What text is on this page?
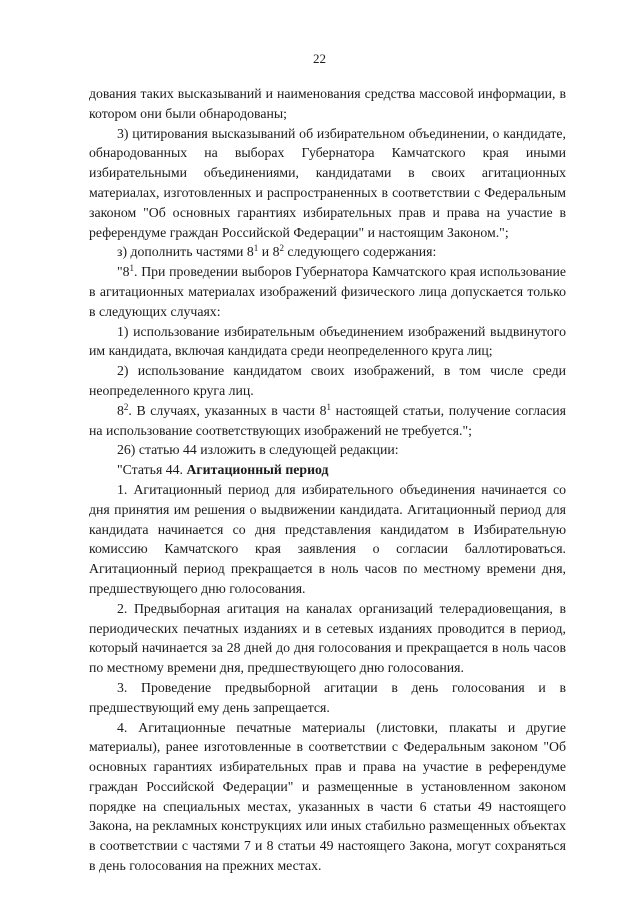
22

дования таких высказываний и наименования средства массовой информации, в котором они были обнародованы;

3) цитирования высказываний об избирательном объединении, о кандидате, обнародованных на выборах Губернатора Камчатского края иными избирательными объединениями, кандидатами в своих агитационных материалах, изготовленных и распространенных в соответствии с Федеральным законом "Об основных гарантиях избирательных прав и права на участие в референдуме граждан Российской Федерации" и настоящим Законом.";

з) дополнить частями $8^1$ и $8^2$ следующего содержания:

"$8^1$. При проведении выборов Губернатора Камчатского края использование в агитационных материалах изображений физического лица допускается только в следующих случаях:

1) использование избирательным объединением изображений выдвинутого им кандидата, включая кандидата среди неопределенного круга лиц;

2) использование кандидатом своих изображений, в том числе среди неопределенного круга лиц.

$8^2$. В случаях, указанных в части $8^1$ настоящей статьи, получение согласия на использование соответствующих изображений не требуется.";

26) статью 44 изложить в следующей редакции:

"Статья 44. Агитационный период

1. Агитационный период для избирательного объединения начинается со дня принятия им решения о выдвижении кандидата. Агитационный период для кандидата начинается со дня представления кандидатом в Избирательную комиссию Камчатского края заявления о согласии баллотироваться. Агитационный период прекращается в ноль часов по местному времени дня, предшествующего дню голосования.

2. Предвыборная агитация на каналах организаций телерадиовещания, в периодических печатных изданиях и в сетевых изданиях проводится в период, который начинается за 28 дней до дня голосования и прекращается в ноль часов по местному времени дня, предшествующего дню голосования.

3. Проведение предвыборной агитации в день голосования и в предшествующий ему день запрещается.

4. Агитационные печатные материалы (листовки, плакаты и другие материалы), ранее изготовленные в соответствии с Федеральным законом "Об основных гарантиях избирательных прав и права на участие в референдуме граждан Российской Федерации" и размещенные в установленном законом порядке на специальных местах, указанных в части 6 статьи 49 настоящего Закона, на рекламных конструкциях или иных стабильно размещенных объектах в соответствии с частями 7 и 8 статьи 49 настоящего Закона, могут сохраняться в день голосования на прежних местах.
